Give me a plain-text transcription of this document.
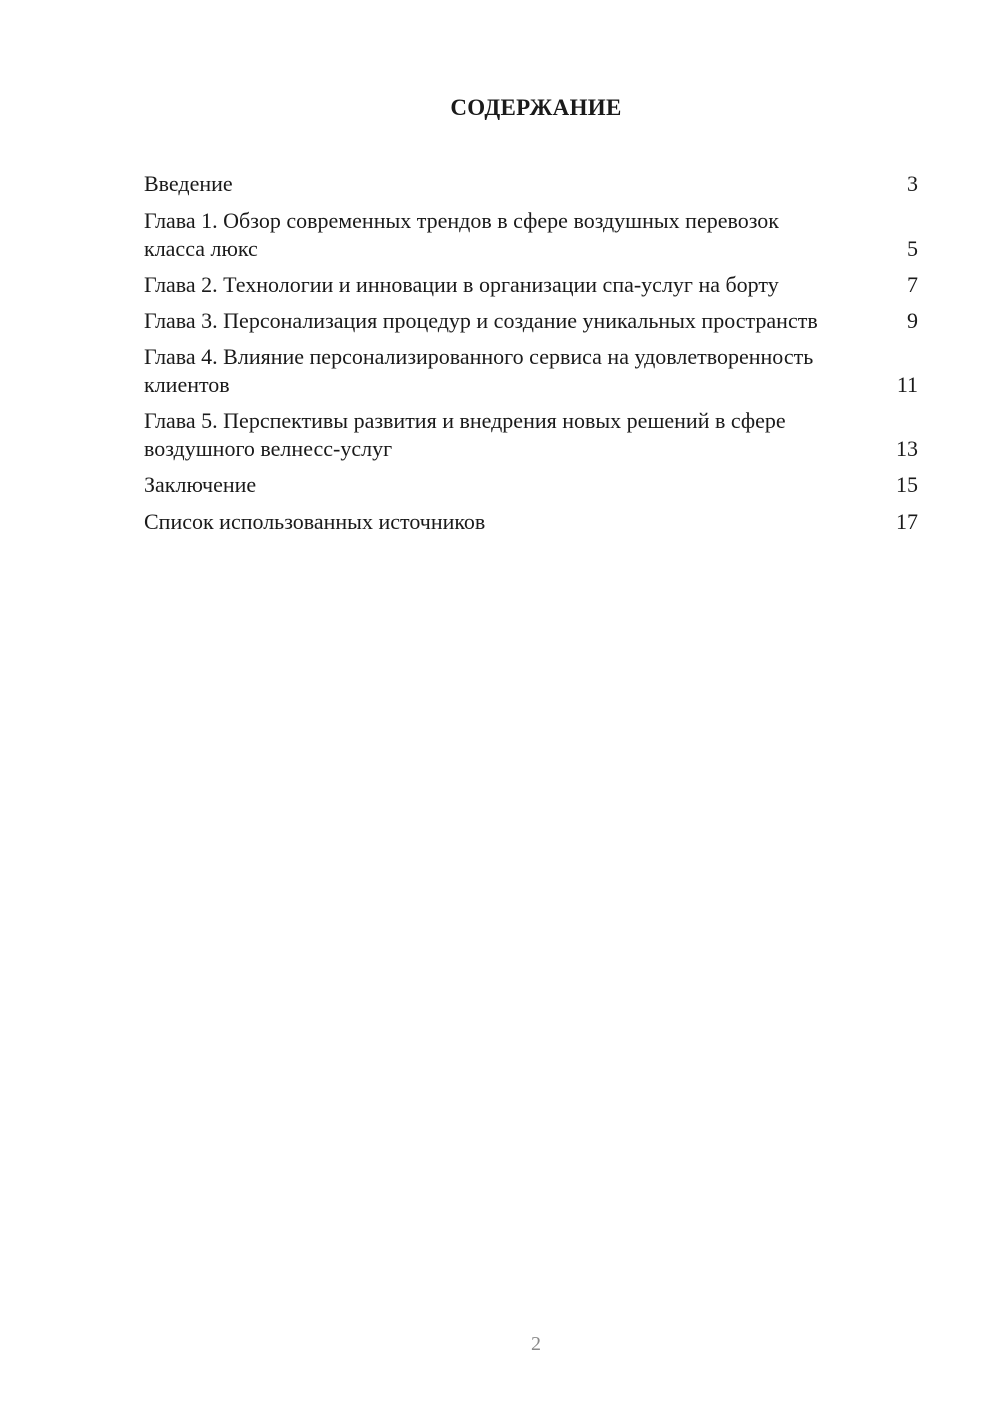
СОДЕРЖАНИЕ
Введение	3
Глава 1. Обзор современных трендов в сфере воздушных перевозок класса люкс	5
Глава 2. Технологии и инновации в организации спа-услуг на борту	7
Глава 3. Персонализация процедур и создание уникальных пространств	9
Глава 4. Влияние персонализированного сервиса на удовлетворенность клиентов	11
Глава 5. Перспективы развития и внедрения новых решений в сфере воздушного велнесс-услуг	13
Заключение	15
Список использованных источников	17
2
